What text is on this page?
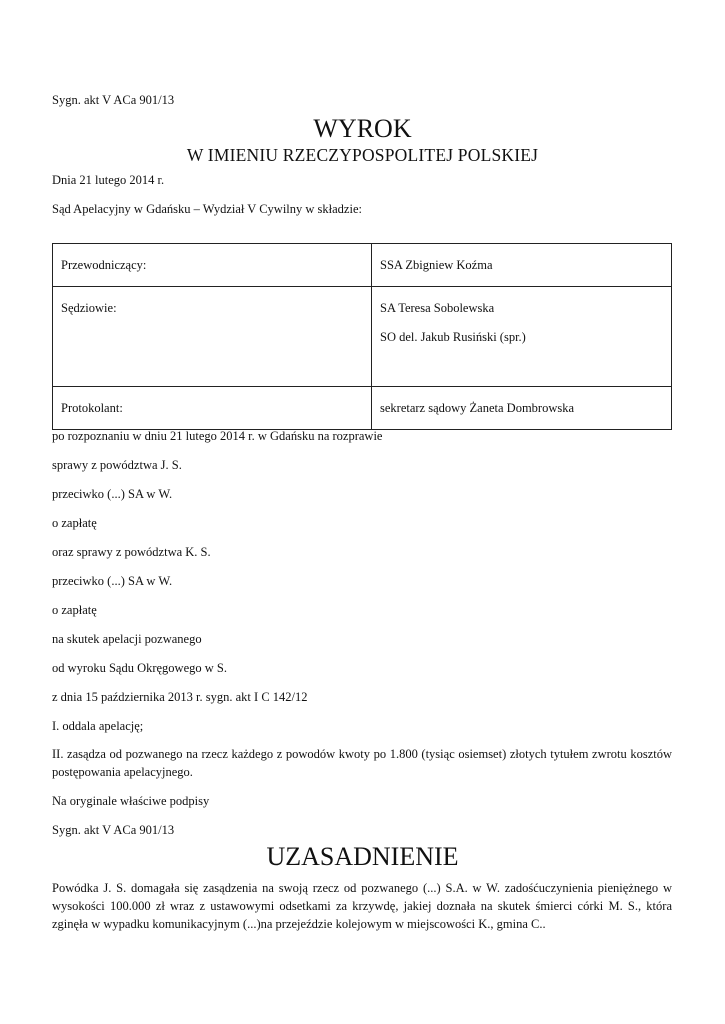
Sygn. akt V ACa 901/13
WYROK
W IMIENIU RZECZYPOSPOLITEJ POLSKIEJ
Dnia 21 lutego 2014 r.
Sąd Apelacyjny w Gdańsku – Wydział V Cywilny w składzie:
Przewodniczący:	SSA Zbigniew Koźma
Sędziowie:	SA Teresa Sobolewska
SO del. Jakub Rusiński (spr.)

Protokolant:	sekretarz sądowy Żaneta Dombrowska
po rozpoznaniu w dniu 21 lutego 2014 r. w Gdańsku na rozprawie
sprawy z powództwa J. S.
przeciwko (...) SA w W.
o zapłatę
oraz sprawy z powództwa K. S.
przeciwko (...) SA w W.
o zapłatę
na skutek apelacji pozwanego
od wyroku Sądu Okręgowego w S.
z dnia 15 października 2013 r. sygn. akt I C 142/12
I. oddala apelację;
II. zasądza od pozwanego na rzecz każdego z powodów kwoty po 1.800 (tysiąc osiemset) złotych tytułem zwrotu kosztów postępowania apelacyjnego.
Na oryginale właściwe podpisy
Sygn. akt V ACa 901/13
UZASADNIENIE
Powódka J. S. domagała się zasądzenia na swoją rzecz od pozwanego (...) S.A. w W. zadośćuczynienia pieniężnego w wysokości 100.000 zł wraz z ustawowymi odsetkami za krzywdę, jakiej doznała na skutek śmierci córki M. S., która zginęła w wypadku komunikacyjnym (...)na przejeździe kolejowym w miejscowości K., gmina C..
